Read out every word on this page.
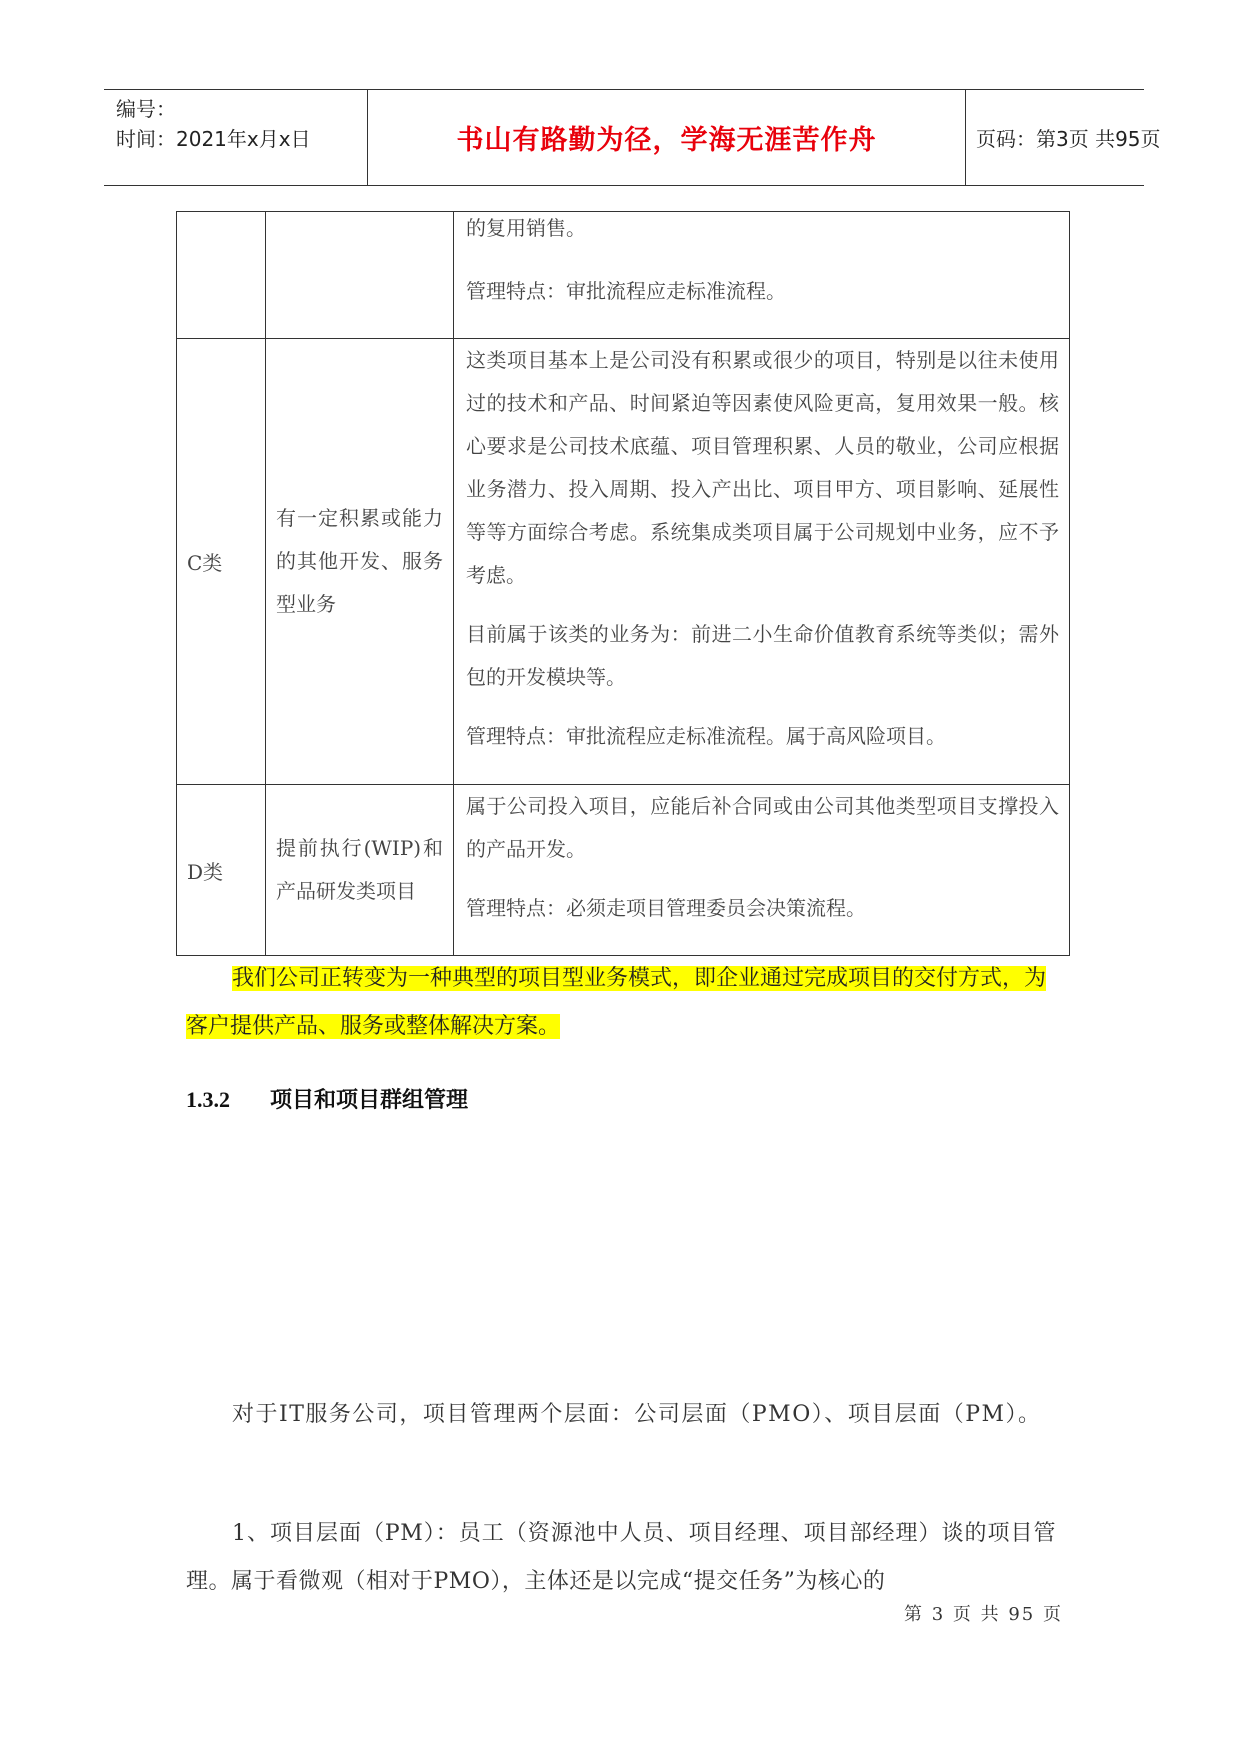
编号：
时间：2021年x月x日	书山有路勤为径，学海无涯苦作舟	页码：第3页 共95页

		的复用销售。

管理特点：审批流程应走标准流程。

C类	有一定积累或能力的其他开发、服务型业务	这类项目基本上是公司没有积累或很少的项目，特别是以往未使用过的技术和产品、时间紧迫等因素使风险更高，复用效果一般。核心要求是公司技术底蕴、项目管理积累、人员的敬业，公司应根据业务潜力、投入周期、投入产出比、项目甲方、项目影响、延展性等等方面综合考虑。系统集成类项目属于公司规划中业务，应不予考虑。

目前属于该类的业务为：前进二小生命价值教育系统等类似；需外包的开发模块等。

管理特点：审批流程应走标准流程。属于高风险项目。

D类	提前执行(WIP)和产品研发类项目	属于公司投入项目，应能后补合同或由公司其他类型项目支撑投入的产品开发。

管理特点：必须走项目管理委员会决策流程。

我们公司正转变为一种典型的项目型业务模式，即企业通过完成项目的交付方式，为客户提供产品、服务或整体解决方案。
1.3.2 项目和项目群组管理
对于IT服务公司，项目管理两个层面：公司层面（PMO）、项目层面（PM）。
1、项目层面（PM）：员工（资源池中人员、项目经理、项目部经理）谈的项目管理。属于看微观（相对于PMO），主体还是以完成“提交任务”为核心的
第 3 页 共 95 页
